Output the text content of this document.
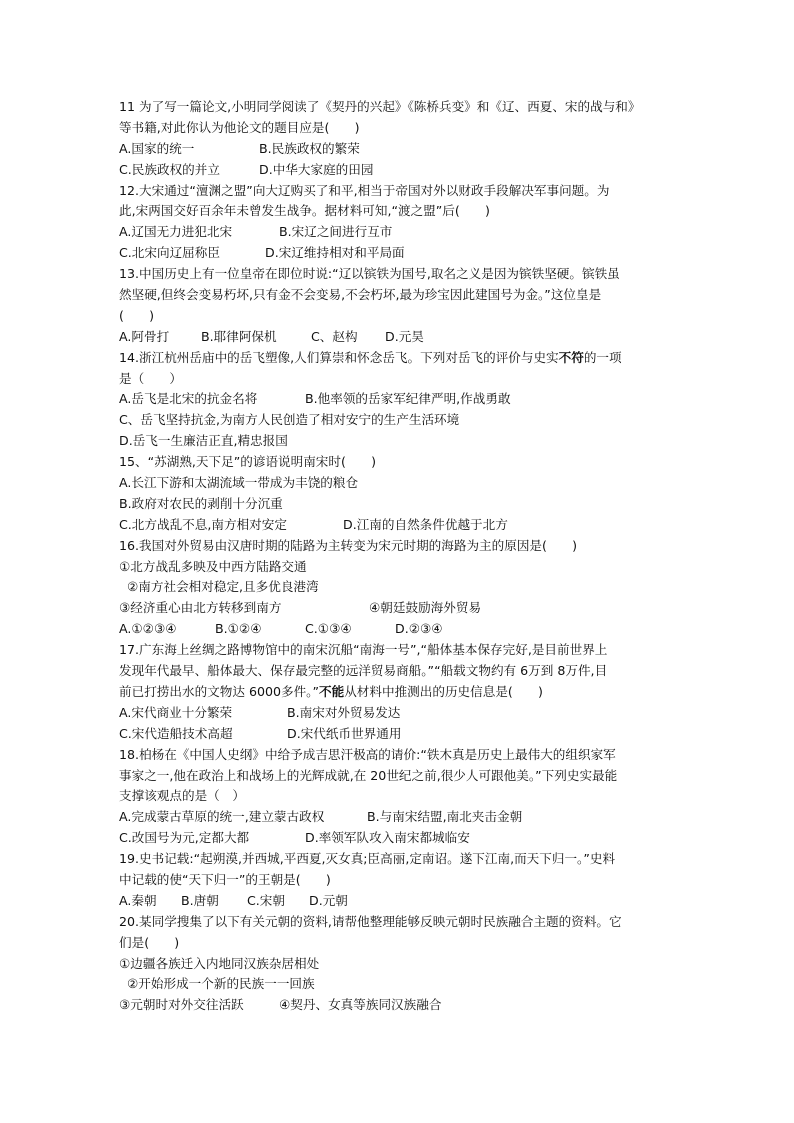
11 为了写一篇论文,小明同学阅读了《契丹的兴起》《陈桥兵变》和《辽、西夏、宋的战与和》
等书籍,对此你认为他论文的题目应是(　　)
A.国家的统一	B.民族政权的繁荣
C.民族政权的并立	D.中华大家庭的田园
12.大宋通过“澶渊之盟”向大辽购买了和平,相当于帝国对外以财政手段解决军事问题。为
此,宋两国交好百余年未曾发生战争。据材料可知,“渡之盟”后(　　)
A.辽国无力进犯北宋	B.宋辽之间进行互市
C.北宋向辽屈称臣	D.宋辽维持相对和平局面
13.中国历史上有一位皇帝在即位时说:“辽以镔铁为国号,取名之义是因为镔铁坚硬。镔铁虽
然坚硬,但终会变易朽坏,只有金不会变易,不会朽坏,最为珍宝因此建国号为金。”这位皇是
(　　)
A.阿骨打	B.耶律阿保机	C、赵构 D.元昊
14.浙江杭州岳庙中的岳飞塑像,人们算崇和怀念岳飞。下列对岳飞的评价与史实不符的一项
是（　　）
A.岳飞是北宋的抗金名将	B.他率领的岳家军纪律严明,作战勇敢
C、岳飞坚持抗金,为南方人民创造了相对安宁的生产生活环境
D.岳飞一生廉洁正直,精忠报国
15、“苏湖熟,天下足”的谚语说明南宋时(　　)
A.长江下游和太湖流域一带成为丰饶的粮仓
B.政府对农民的剥削十分沉重
C.北方战乱不息,南方相对安定	D.江南的自然条件优越于北方
16.我国对外贸易由汉唐时期的陆路为主转变为宋元时期的海路为主的原因是(　　)
①北方战乱多映及中西方陆路交通
②南方社会相对稳定,且多优良港湾
③经济重心由北方转移到南方	④朝廷鼓励海外贸易
A.①②③④	B.①②④	C.①③④	D.②③④
17.广东海上丝绸之路博物馆中的南宋沉船“南海一号”,“船体基本保存完好,是目前世界上
发现年代最早、船体最大、保存最完整的远洋贸易商船。”“船载文物约有 6万到 8万件,目
前已打捞出水的文物达 6000多件。”不能从材料中推测出的历史信息是(　　)
A.宋代商业十分繁荣	B.南宋对外贸易发达
C.宋代造船技术高超	D.宋代纸币世界通用
18.柏杨在《中国人史纲》中给予成吉思汗极高的请价:“铁木真是历史上最伟大的组织家军
事家之一,他在政治上和战场上的光辉成就,在 20世纪之前,很少人可跟他美。”下列史实最能
支撑该观点的是（　）
A.完成蒙古草原的统一,建立蒙古政权	B.与南宋结盟,南北夹击金朝
C.改国号为元,定都大都	D.率领军队攻入南宋都城临安
19.史书记载:“起朔漠,并西城,平西夏,灭女真;臣高丽,定南诏。遂下江南,而天下归一。”史料
中记载的使“天下归一”的王朝是(　　)
A.秦朝 B.唐朝 C.宋朝 D.元朝
20.某同学搜集了以下有关元朝的资料,请帮他整理能够反映元朝时民族融合主题的资料。它
们是(　　)
①边疆各族迁入内地同汉族杂居相处
②开始形成一个新的民族一一回族
③元朝时对外交往活跃	④契丹、女真等族同汉族融合
